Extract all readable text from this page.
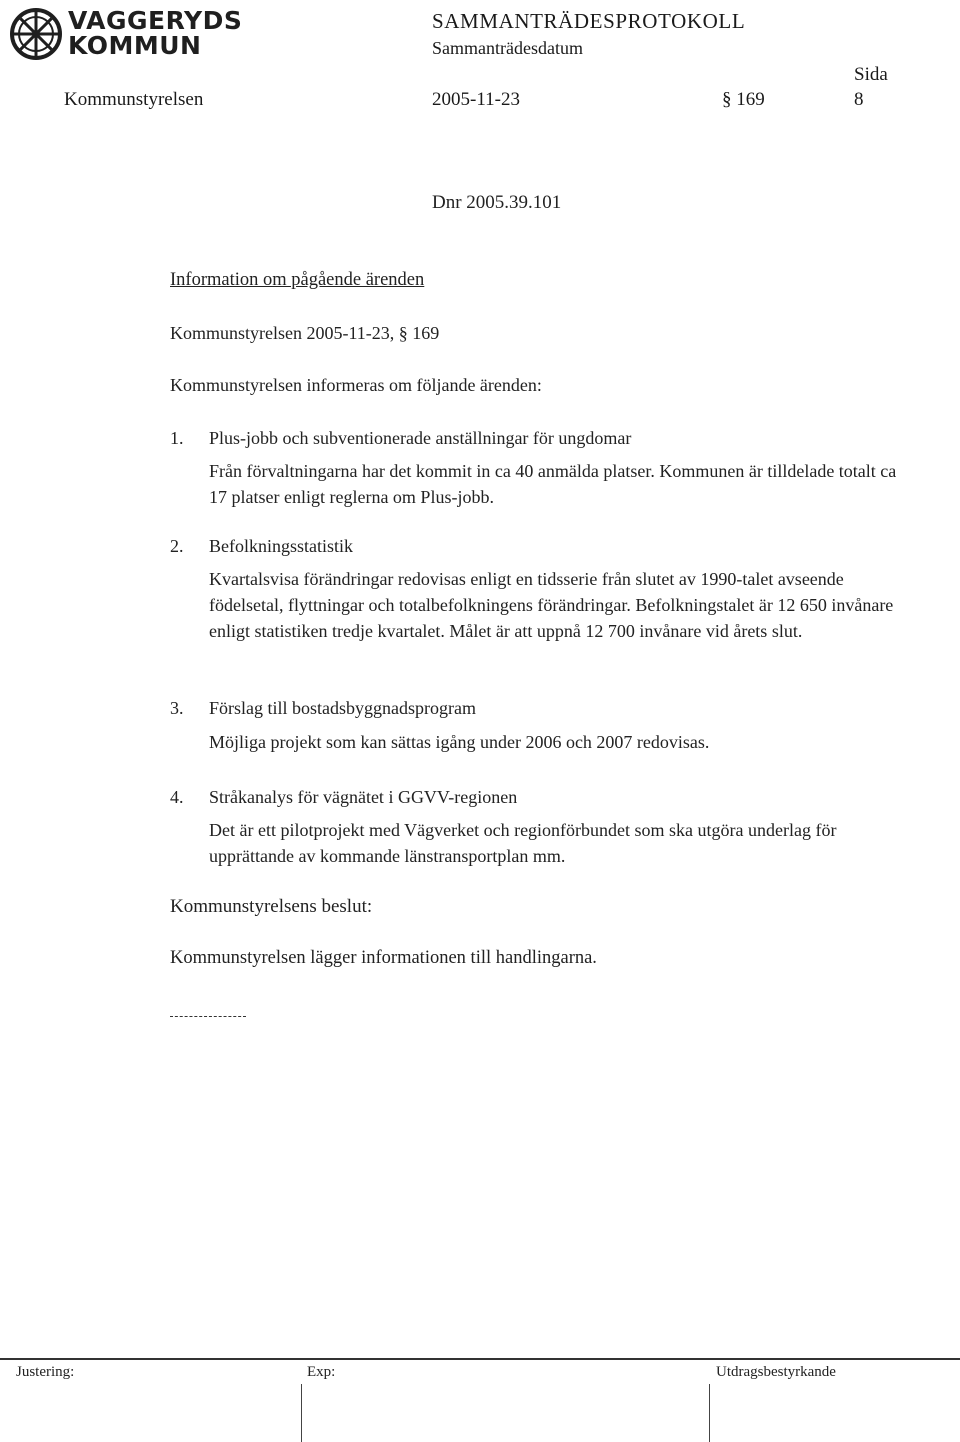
VAGGERYDS
KOMMUN
SAMMANTRÄDESPROTOKOLL
Sammanträdesdatum
Sida
Kommunstyrelsen	2005-11-23	§ 169	8
Dnr 2005.39.101
Information om pågående ärenden
Kommunstyrelsen 2005-11-23, § 169
Kommunstyrelsen informeras om följande ärenden:
1. Plus-jobb och subventionerade anställningar för ungdomar
Från förvaltningarna har det kommit in ca 40 anmälda platser. Kommunen är tilldelade totalt ca 17 platser enligt reglerna om Plus-jobb.
2. Befolkningsstatistik
Kvartalsvisa förändringar redovisas enligt en tidsserie från slutet av 1990-talet avseende födelsetal, flyttningar och totalbefolkningens förändringar. Befolkningstalet är 12 650 invånare enligt statistiken tredje kvartalet. Målet är att uppnå 12 700 invånare vid årets slut.
3. Förslag till bostadsbyggnadsprogram
Möjliga projekt som kan sättas igång under 2006 och 2007 redovisas.
4. Stråkanalys för vägnätet i GGVV-regionen
Det är ett pilotprojekt med Vägverket och regionförbundet som ska utgöra underlag för upprättande av kommande länstransportplan mm.
Kommunstyrelsens beslut:
Kommunstyrelsen lägger informationen till handlingarna.
Justering:	Exp:	Utdragsbestyrkande
